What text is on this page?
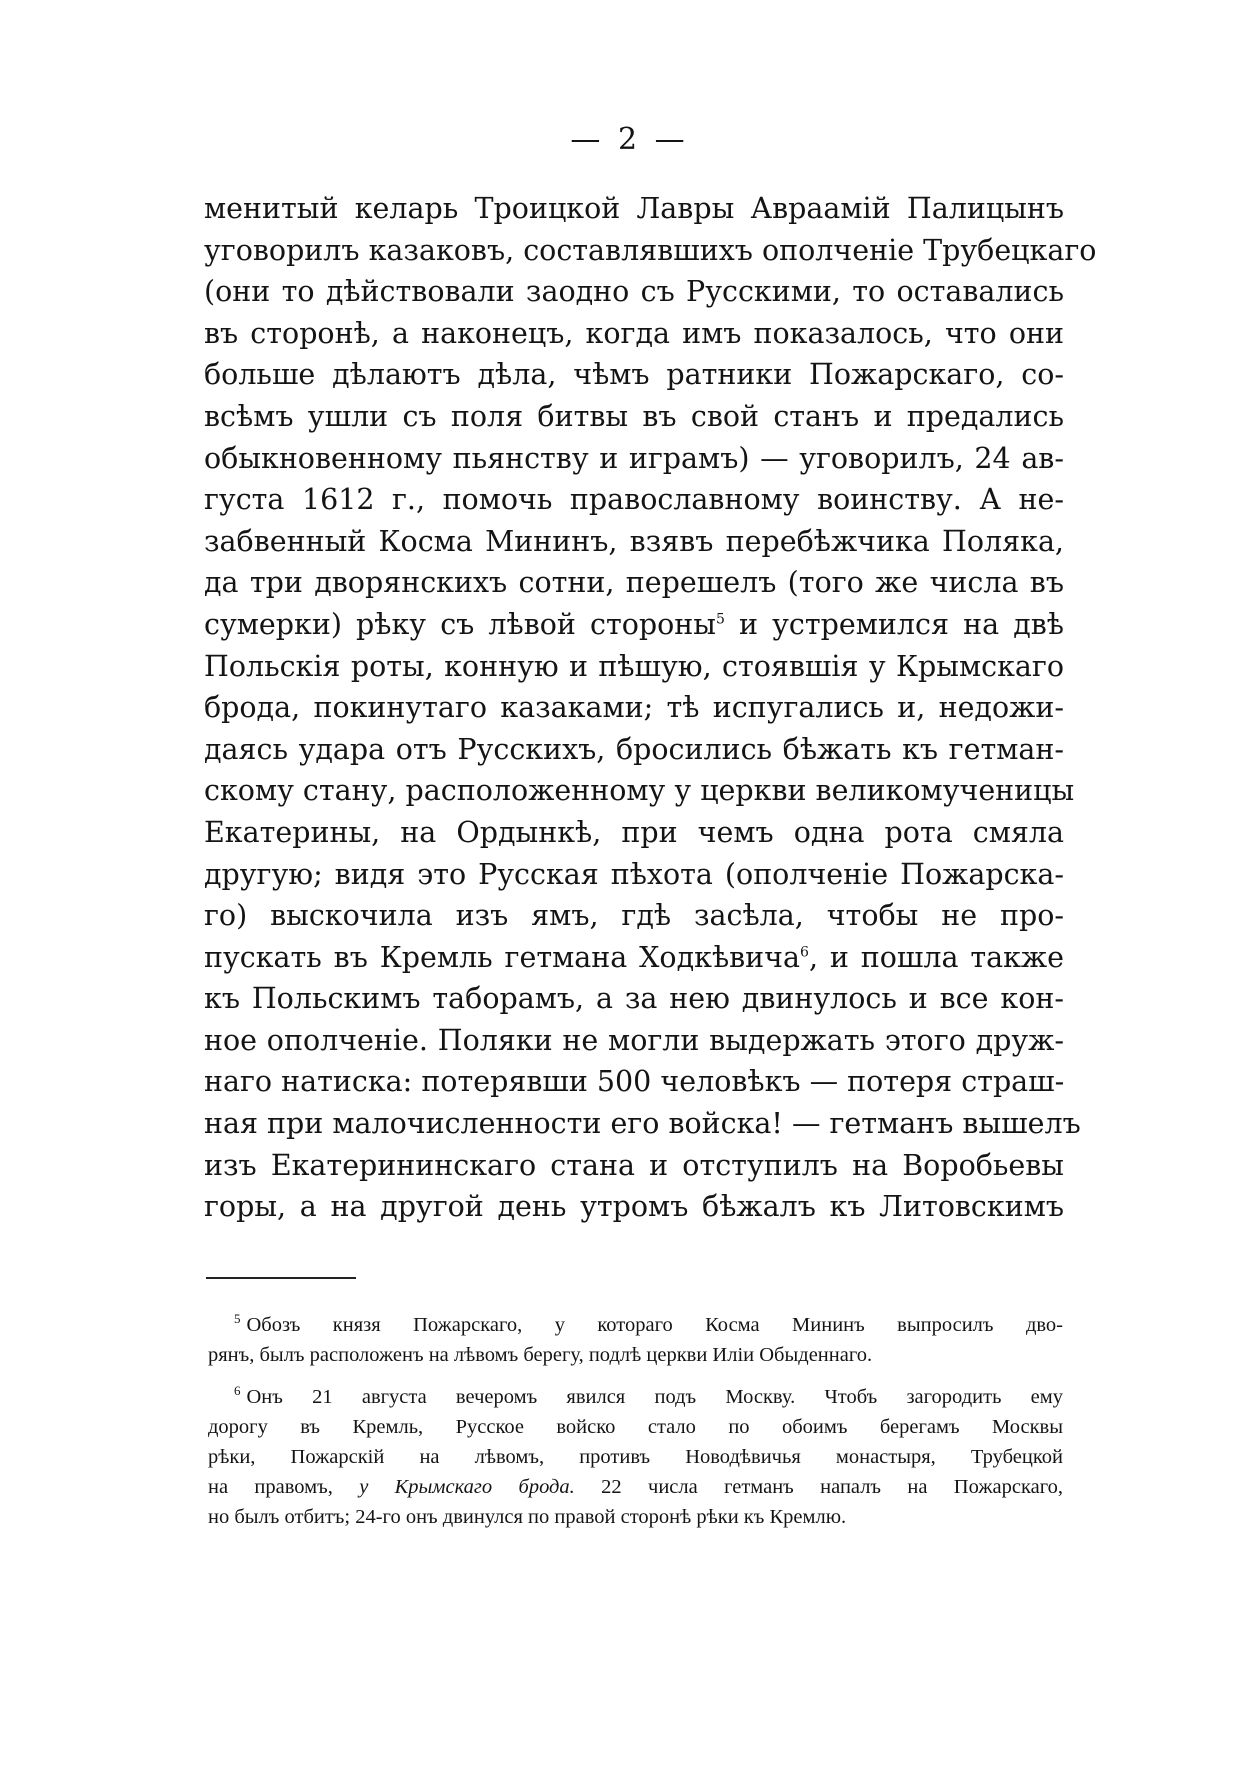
— 2 —
менитый келарь Троицкой Лавры Авраамій Палицынъ
уговорилъ казаковъ, составлявшихъ ополченіе Трубецкаго
(они то дѣйствовали заодно съ Русскими, то оставались
въ сторонѣ, а наконецъ, когда имъ показалось, что они
больше дѣлаютъ дѣла, чѣмъ ратники Пожарскаго, со-
всѣмъ ушли съ поля битвы въ свой станъ и предались
обыкновенному пьянству и играмъ) — уговорилъ, 24 ав-
густа 1612 г., помочь православному воинству. А не-
забвенный Косма Мининъ, взявъ перебѣжчика Поляка,
да три дворянскихъ сотни, перешелъ (того же числа въ
сумерки) рѣку съ лѣвой стороны$^5$ и устремился на двѣ
Польскія роты, конную и пѣшую, стоявшія у Крымскаго
брода, покинутаго казаками; тѣ испугались и, недожи-
даясь удара отъ Русскихъ, бросились бѣжать къ гетман-
скому стану, расположенному у церкви великомученицы
Екатерины, на Ордынкѣ, при чемъ одна рота смяла
другую; видя это Русская пѣхота (ополченіе Пожарска-
го) выскочила изъ ямъ, гдѣ засѣла, чтобы не про-
пускать въ Кремль гетмана Ходкѣвича$^6$, и пошла также
къ Польскимъ таборамъ, а за нею двинулось и все кон-
ное ополченіе. Поляки не могли выдержать этого друж-
наго натиска: потерявши 500 человѣкъ — потеря страш-
ная при малочисленности его войска! — гетманъ вышелъ
изъ Екатерининскаго стана и отступилъ на Воробьевы
горы, а на другой день утромъ бѣжалъ къ Литовскимъ
$^5$ Обозъ князя Пожарскаго, у котораго Косма Мининъ выпросилъ дво-
рянъ, былъ расположенъ на лѣвомъ берегу, подлѣ церкви Иліи Обыденнаго.
$^6$ Онъ 21 августа вечеромъ явился подъ Москву. Чтобъ загородить ему
дорогу въ Кремль, Русское войско стало по обоимъ берегамъ Москвы
рѣки, Пожарскій на лѣвомъ, противъ Новодѣвичья монастыря, Трубецкой
на правомъ, у Крымскаго брода. 22 числа гетманъ напалъ на Пожарскаго,
но былъ отбитъ; 24-го онъ двинулся по правой сторонѣ рѣки къ Кремлю.
